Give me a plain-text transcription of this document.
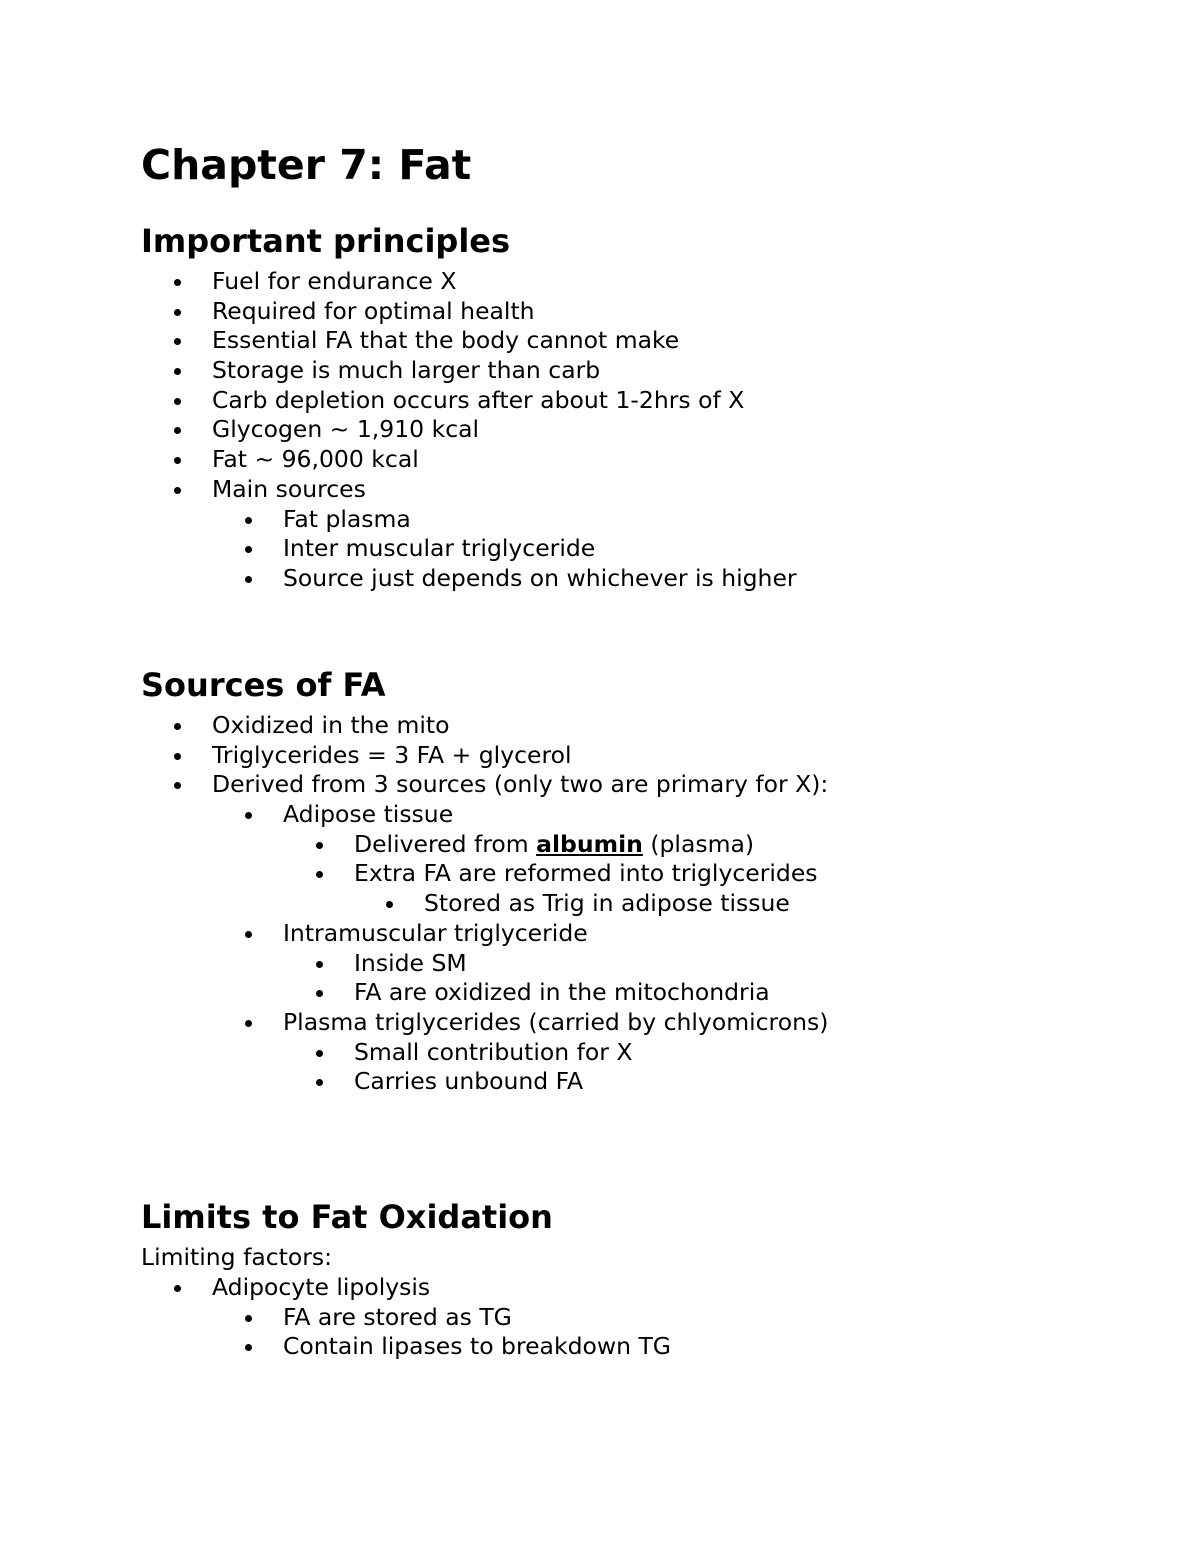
Chapter 7: Fat
Important principles
Fuel for endurance X
Required for optimal health
Essential FA that the body cannot make
Storage is much larger than carb
Carb depletion occurs after about 1-2hrs of X
Glycogen ~ 1,910 kcal
Fat ~ 96,000 kcal
Main sources
Fat plasma
Inter muscular triglyceride
Source just depends on whichever is higher
Sources of FA
Oxidized in the mito
Triglycerides = 3 FA + glycerol
Derived from 3 sources (only two are primary for X):
Adipose tissue
Delivered from albumin (plasma)
Extra FA are reformed into triglycerides
Stored as Trig in adipose tissue
Intramuscular triglyceride
Inside SM
FA are oxidized in the mitochondria
Plasma triglycerides (carried by chlyomicrons)
Small contribution for X
Carries unbound FA
Limits to Fat Oxidation

Limiting factors:

Adipocyte lipolysis
FA are stored as TG
Contain lipases to breakdown TG
